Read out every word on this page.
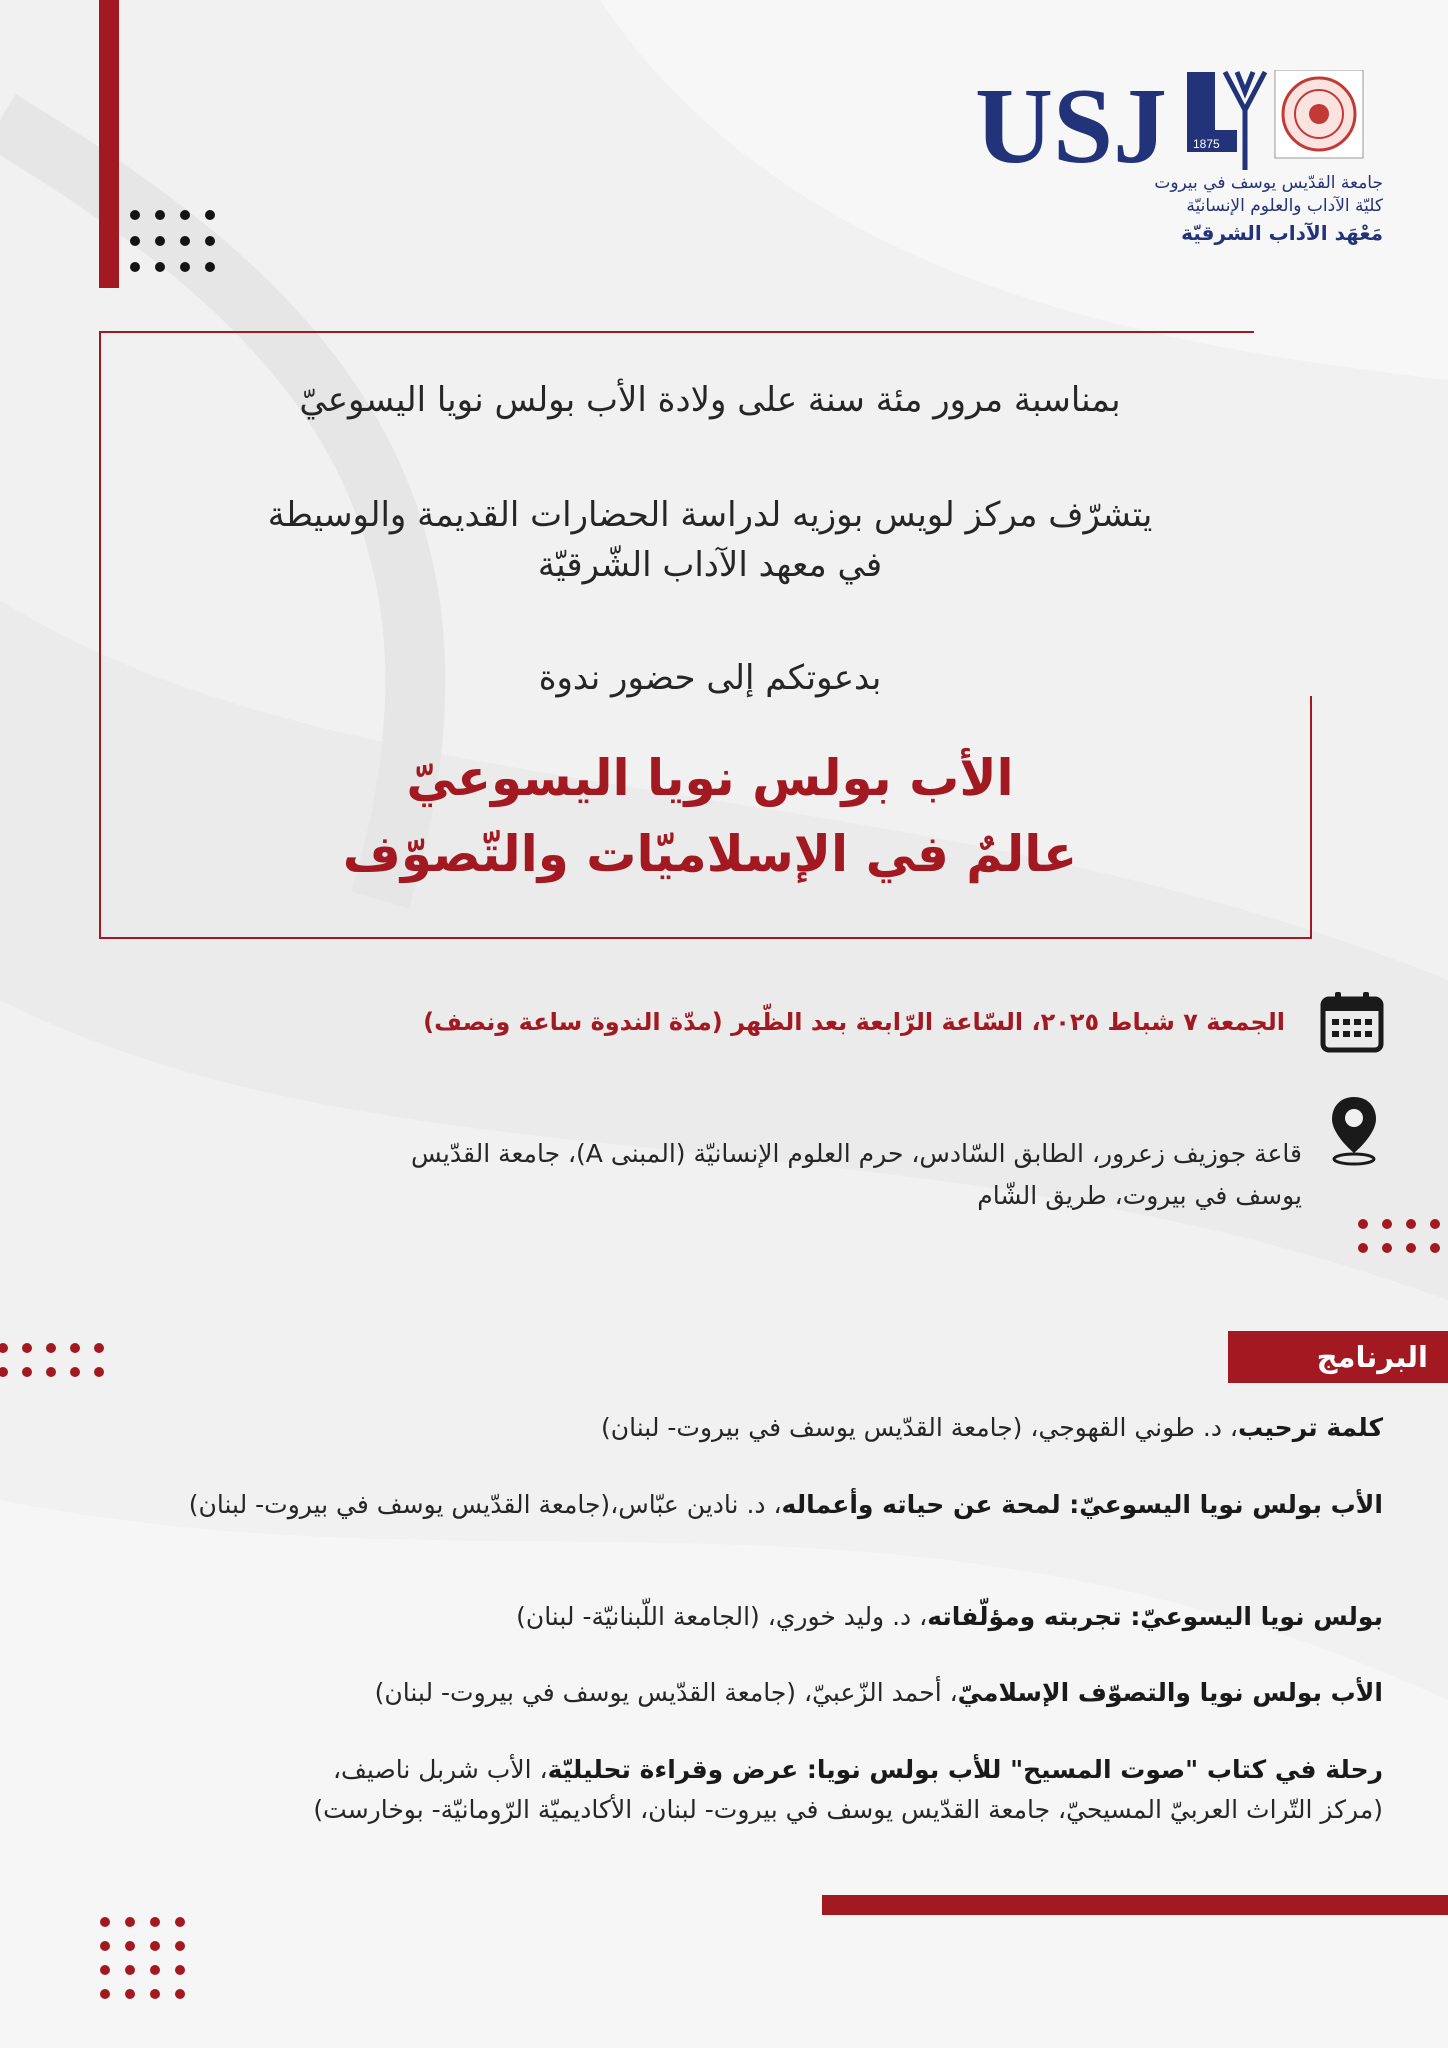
USJ 1875
جامعة القدّيس يوسف في بيروت
كليّة الآداب والعلوم الإنسانيّة
مَعْهَد الآداب الشرقيّة
بمناسبة مرور مئة سنة على ولادة الأب بولس نويا اليسوعيّ
يتشرّف مركز لويس بوزيه لدراسة الحضارات القديمة والوسيطة
في معهد الآداب الشّرقيّة
بدعوتكم إلى حضور ندوة
الأب بولس نويا اليسوعيّ
عالمٌ في الإسلاميّات والتّصوّف
الجمعة ٧ شباط ٢٠٢٥، السّاعة الرّابعة بعد الظّهر (مدّة الندوة ساعة ونصف)
قاعة جوزيف زعرور، الطابق السّادس، حرم العلوم الإنسانيّة (المبنى A)، جامعة القدّيس
يوسف في بيروت، طريق الشّام
البرنامج
كلمة ترحيب، د. طوني القهوجي، (جامعة القدّيس يوسف في بيروت- لبنان)
الأب بولس نويا اليسوعيّ: لمحة عن حياته وأعماله، د. نادين عبّاس،(جامعة القدّيس يوسف في بيروت- لبنان)
بولس نويا اليسوعيّ: تجربته ومؤلّفاته، د. وليد خوري، (الجامعة اللّبنانيّة- لبنان)
الأب بولس نويا والتصوّف الإسلاميّ، أحمد الزّعبيّ، (جامعة القدّيس يوسف في بيروت- لبنان)
رحلة في كتاب "صوت المسيح" للأب بولس نويا: عرض وقراءة تحليليّة، الأب شربل ناصيف،
(مركز التّراث العربيّ المسيحيّ، جامعة القدّيس يوسف في بيروت- لبنان، الأكاديميّة الرّومانيّة- بوخارست)
